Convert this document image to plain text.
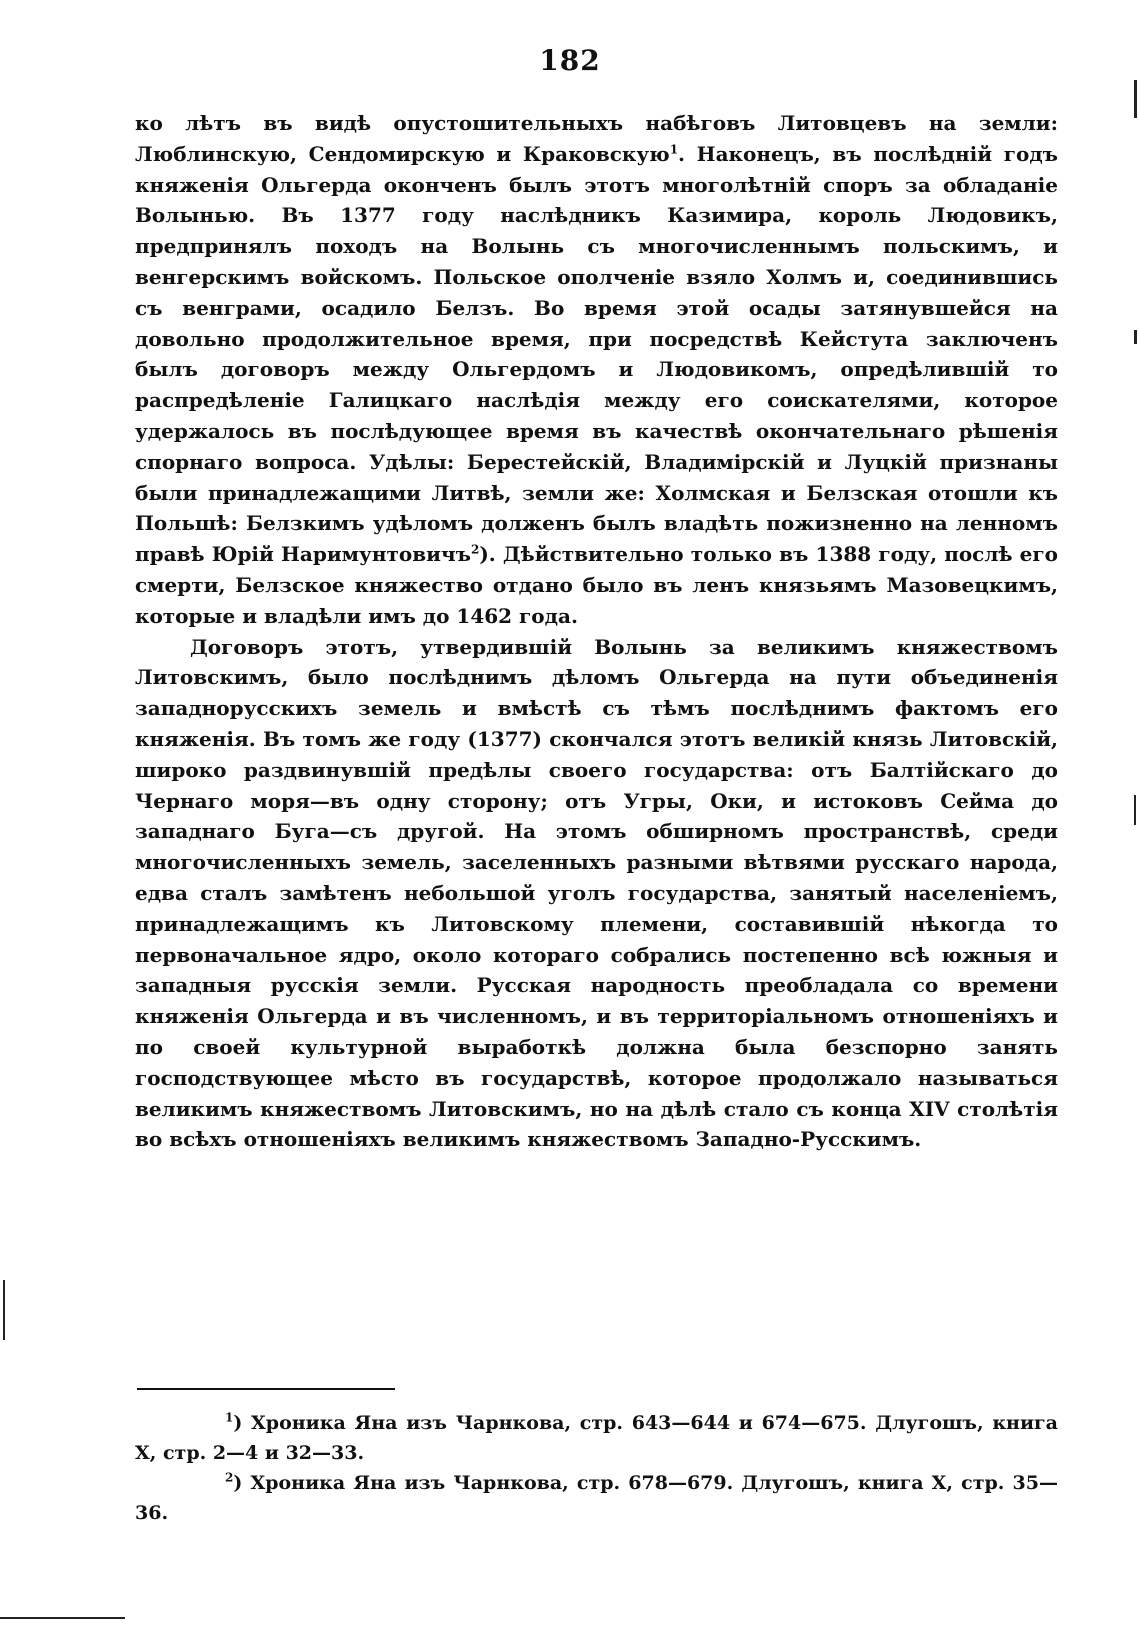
182

ко лѣтъ въ видѣ опустошительныхъ набѣговъ Литовцевъ на земли: Люблинскую, Сендомирскую и Краковскую$^1$. Наконецъ, въ послѣдній годъ княженія Ольгерда оконченъ былъ этотъ многолѣтній споръ за обладаніе Волынью. Въ 1377 году наслѣдникъ Казимира, король Людовикъ, предпринялъ походъ на Волынь съ многочисленнымъ польскимъ, и венгерскимъ войскомъ. Польское ополченіе взяло Холмъ и, соединившись съ венграми, осадило Белзъ. Во время этой осады затянувшейся на довольно продолжительное время, при посредствѣ Кейстута заключенъ былъ договоръ между Ольгердомъ и Людовикомъ, опредѣлившій то распредѣленіе Галицкаго наслѣдія между его соискателями, которое удержалось въ послѣдующее время въ качествѣ окончательнаго рѣшенія спорнаго вопроса. Удѣлы: Берестейскій, Владимірскій и Луцкій признаны были принадлежащими Литвѣ, земли же: Холмская и Белзская отошли къ Польшѣ: Белзкимъ удѣломъ долженъ былъ владѣть пожизненно на ленномъ правѣ Юрій Наримунтовичъ$^2$). Дѣйствительно только въ 1388 году, послѣ его смерти, Белзское княжество отдано было въ ленъ князьямъ Мазовецкимъ, которые и владѣли имъ до 1462 года.

Договоръ этотъ, утвердившій Волынь за великимъ княжествомъ Литовскимъ, было послѣднимъ дѣломъ Ольгерда на пути объединенія западнорусскихъ земель и вмѣстѣ съ тѣмъ послѣднимъ фактомъ его княженія. Въ томъ же году (1377) скончался этотъ великій князь Литовскій, широко раздвинувшій предѣлы своего государства: отъ Балтійскаго до Чернаго моря—въ одну сторону; отъ Угры, Оки, и истоковъ Сейма до западнаго Буга—съ другой. На этомъ обширномъ пространствѣ, среди многочисленныхъ земель, заселенныхъ разными вѣтвями русскаго народа, едва сталъ замѣтенъ небольшой уголъ государства, занятый населеніемъ, принадлежащимъ къ Литовскому племени, составившій нѣкогда то первоначальное ядро, около котораго собрались постепенно всѣ южныя и западныя русскія земли. Русская народность преобладала со времени княженія Ольгерда и въ численномъ, и въ территоріальномъ отношеніяхъ и по своей культурной выработкѣ должна была безспорно занять господствующее мѣсто въ государствѣ, которое продолжало называться великимъ княжествомъ Литовскимъ, но на дѣлѣ стало съ конца XIV столѣтія во всѣхъ отношеніяхъ великимъ княжествомъ Западно-Русскимъ.

$^1$) Хроника Яна изъ Чарнкова, стр. 643—644 и 674—675. Длугошъ, книга X, стр. 2—4 и 32—33.

$^2$) Хроника Яна изъ Чарнкова, стр. 678—679. Длугошъ, книга X, стр. 35—36.
